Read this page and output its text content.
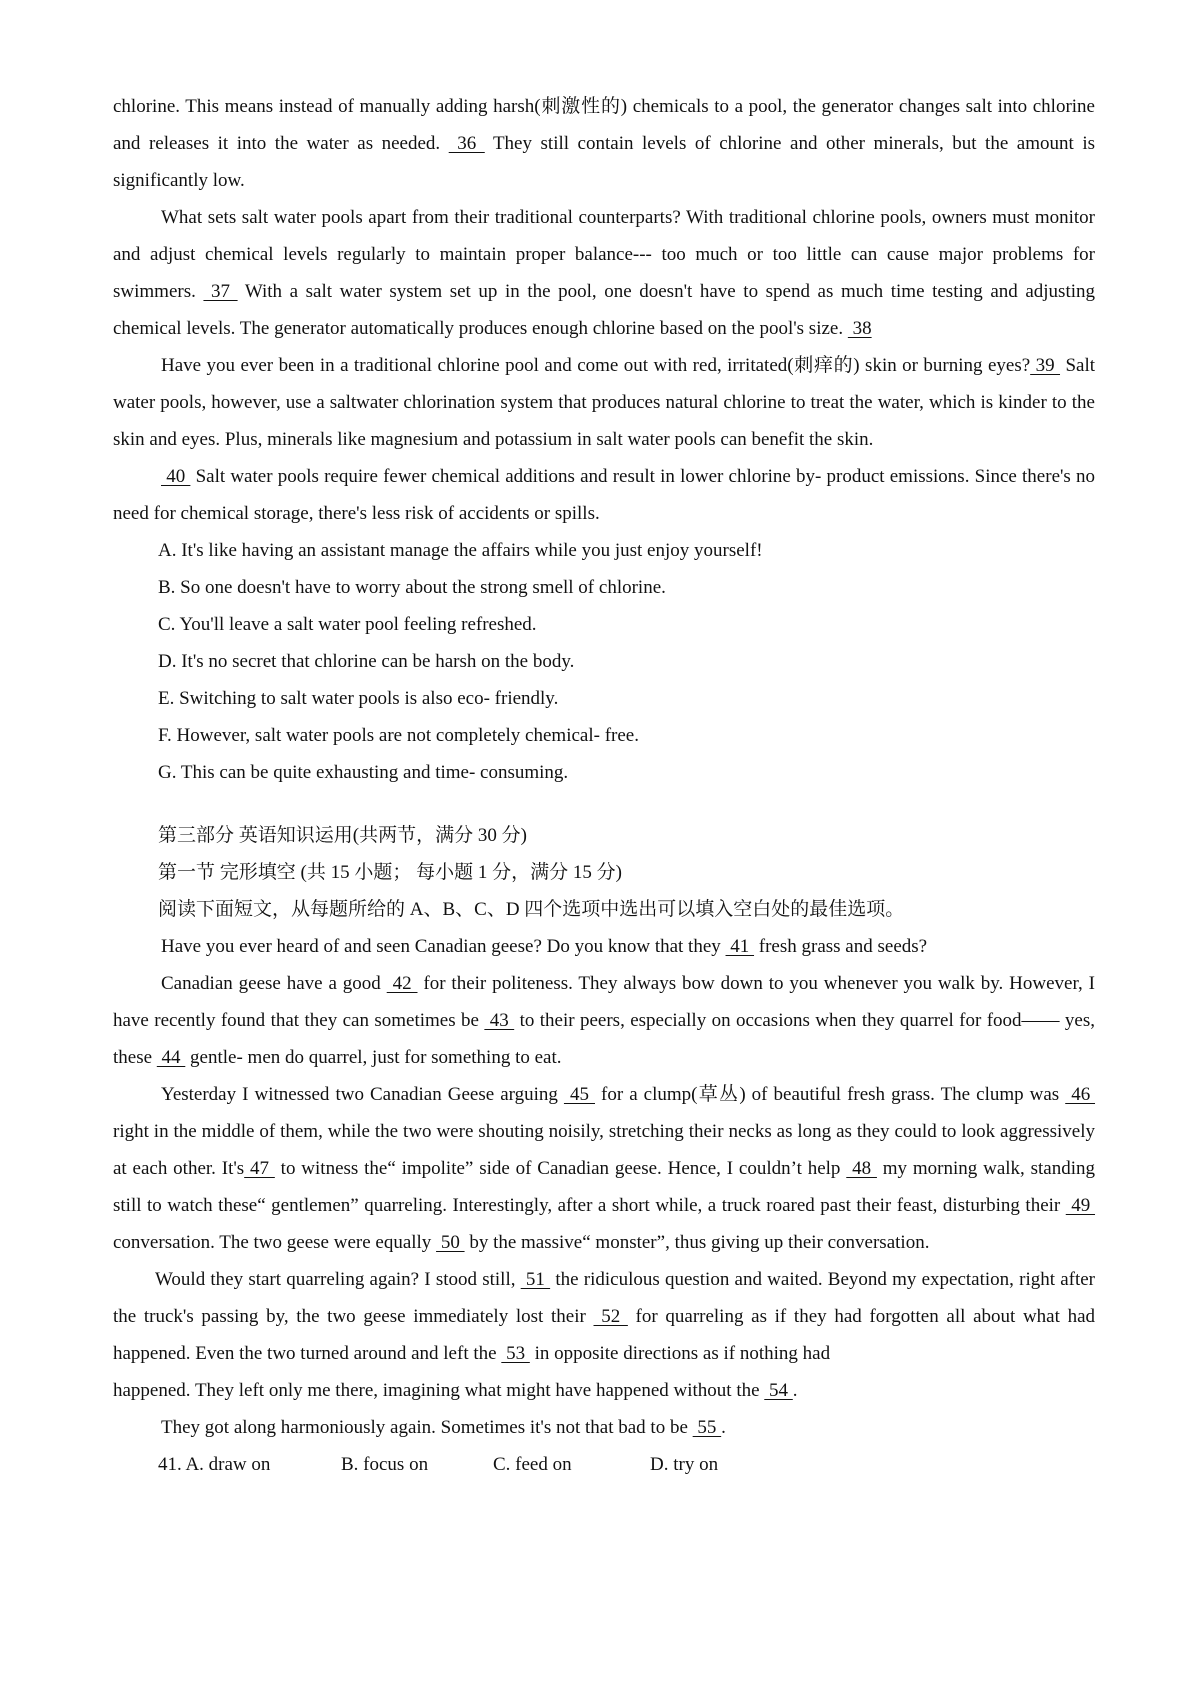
chlorine. This means instead of manually adding harsh(刺激性的) chemicals to a pool, the generator changes salt into chlorine and releases it into the water as needed.  36  They still contain levels of chlorine and other minerals, but the amount is significantly low.

What sets salt water pools apart from their traditional counterparts? With traditional chlorine pools, owners must monitor and adjust chemical levels regularly to maintain proper balance--- too much or too little can cause major problems for swimmers.  37  With a salt water system set up in the pool, one doesn't have to spend as much time testing and adjusting chemical levels. The generator automatically produces enough chlorine based on the pool's size.  38

Have you ever been in a traditional chlorine pool and come out with red, irritated(刺痒的) skin or burning eyes? 39  Salt water pools, however, use a saltwater chlorination system that produces natural chlorine to treat the water, which is kinder to the skin and eyes. Plus, minerals like magnesium and potassium in salt water pools can benefit the skin.

40  Salt water pools require fewer chemical additions and result in lower chlorine by- product emissions. Since there's no need for chemical storage, there's less risk of accidents or spills.

A. It's like having an assistant manage the affairs while you just enjoy yourself!

B. So one doesn't have to worry about the strong smell of chlorine.

C. You'll leave a salt water pool feeling refreshed.

D. It's no secret that chlorine can be harsh on the body.

E. Switching to salt water pools is also eco- friendly.

F. However, salt water pools are not completely chemical- free.

G. This can be quite exhausting and time- consuming.

第三部分 英语知识运用(共两节，满分 30 分)

第一节 完形填空 (共 15 小题； 每小题 1 分，满分 15 分)

阅读下面短文，从每题所给的 A、B、C、D 四个选项中选出可以填入空白处的最佳选项。

Have you ever heard of and seen Canadian geese? Do you know that they  41  fresh grass and seeds?

Canadian geese have a good  42  for their politeness. They always bow down to you whenever you walk by. However, I have recently found that they can sometimes be  43  to their peers, especially on occasions when they quarrel for food—— yes, these  44  gentle- men do quarrel, just for something to eat.

Yesterday I witnessed two Canadian Geese arguing  45  for a clump(草丛) of beautiful fresh grass. The clump was  46  right in the middle of them, while the two were shouting noisily, stretching their necks as long as they could to look aggressively at each other. It's 47  to witness the“ impolite” side of Canadian geese. Hence, I couldn’t help  48  my morning walk, standing still to watch these“ gentlemen” quarreling. Interestingly, after a short while, a truck roared past their feast, disturbing their  49  conversation. The two geese were equally  50  by the massive“ monster”, thus giving up their conversation.

Would they start quarreling again? I stood still,  51  the ridiculous question and waited. Beyond my expectation, right after the truck's passing by, the two geese immediately lost their  52  for quarreling as if they had forgotten all about what had happened. Even the two turned around and left the  53  in opposite directions as if nothing had

happened. They left only me there, imagining what might have happened without the  54 .

They got along harmoniously again. Sometimes it's not that bad to be  55 .

41. A. draw on	B. focus on	C. feed on	D. try on
